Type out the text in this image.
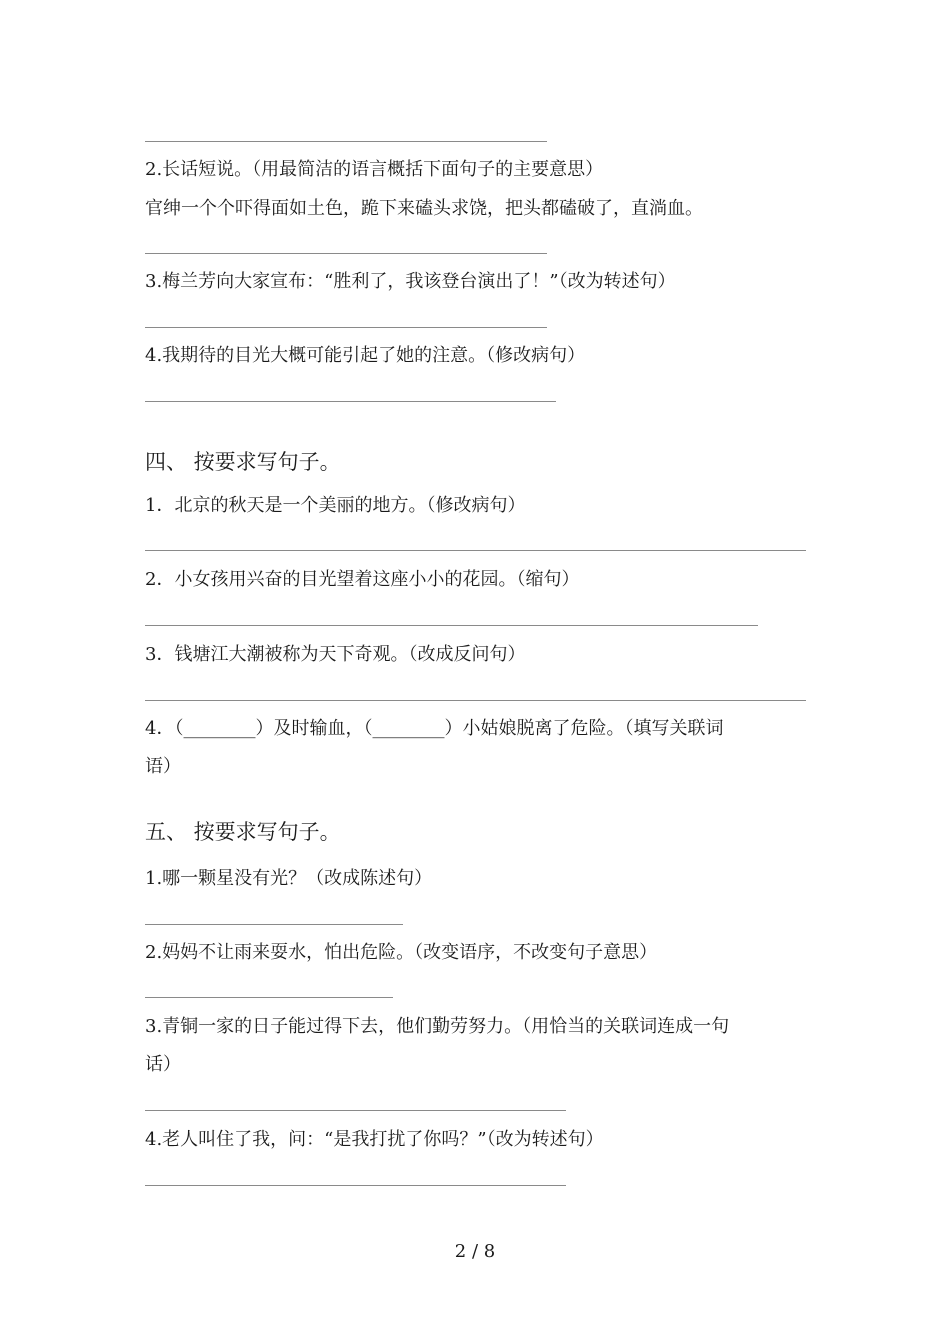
2.长话短说。（用最简洁的语言概括下面句子的主要意思）
官绅一个个吓得面如土色，跪下来磕头求饶，把头都磕破了，直淌血。
3.梅兰芳向大家宣布：“胜利了，我该登台演出了！”（改为转述句）
4.我期待的目光大概可能引起了她的注意。（修改病句）
四、 按要求写句子。
1．北京的秋天是一个美丽的地方。（修改病句）
2．小女孩用兴奋的目光望着这座小小的花园。（缩句）
3．钱塘江大潮被称为天下奇观。（改成反问句）
4．（________）及时输血，（________）小姑娘脱离了危险。（填写关联词
语）
五、 按要求写句子。
1.哪一颗星没有光？（改成陈述句）
2.妈妈不让雨来耍水，怕出危险。（改变语序，不改变句子意思）
3.青铜一家的日子能过得下去，他们勤劳努力。（用恰当的关联词连成一句
话）
4.老人叫住了我，问：“是我打扰了你吗？”（改为转述句）
2 / 8
